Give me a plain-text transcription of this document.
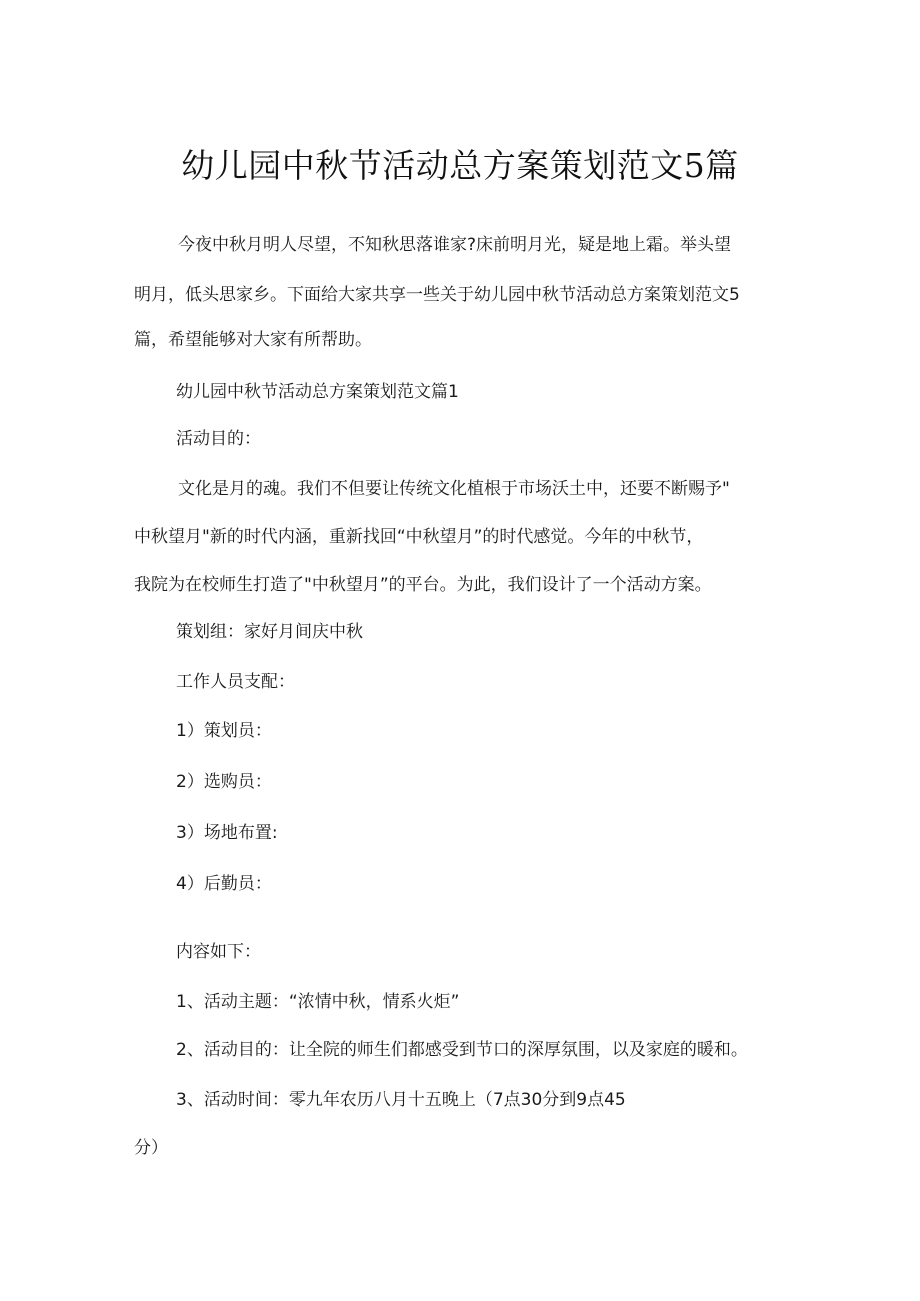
幼儿园中秋节活动总方案策划范文5篇
今夜中秋月明人尽望，不知秋思落谁家?床前明月光，疑是地上霜。举头望
明月，低头思家乡。下面给大家共享一些关于幼儿园中秋节活动总方案策划范文5
篇，希望能够对大家有所帮助。
幼儿园中秋节活动总方案策划范文篇1
活动目的：
文化是月的魂。我们不但要让传统文化植根于市场沃土中，还要不断赐予"
中秋望月"新的时代内涵，重新找回“中秋望月”的时代感觉。今年的中秋节，
我院为在校师生打造了"中秋望月”的平台。为此，我们设计了一个活动方案。
策划组：家好月间庆中秋
工作人员支配：
1）策划员：
2）选购员：
3）场地布置:
4）后勤员：
内容如下：
1、活动主题：“浓情中秋，情系火炬”
2、活动目的：让全院的师生们都感受到节口的深厚氛围，以及家庭的暖和。
3、活动时间：零九年农历八月十五晚上（7点30分到9点45
分）
